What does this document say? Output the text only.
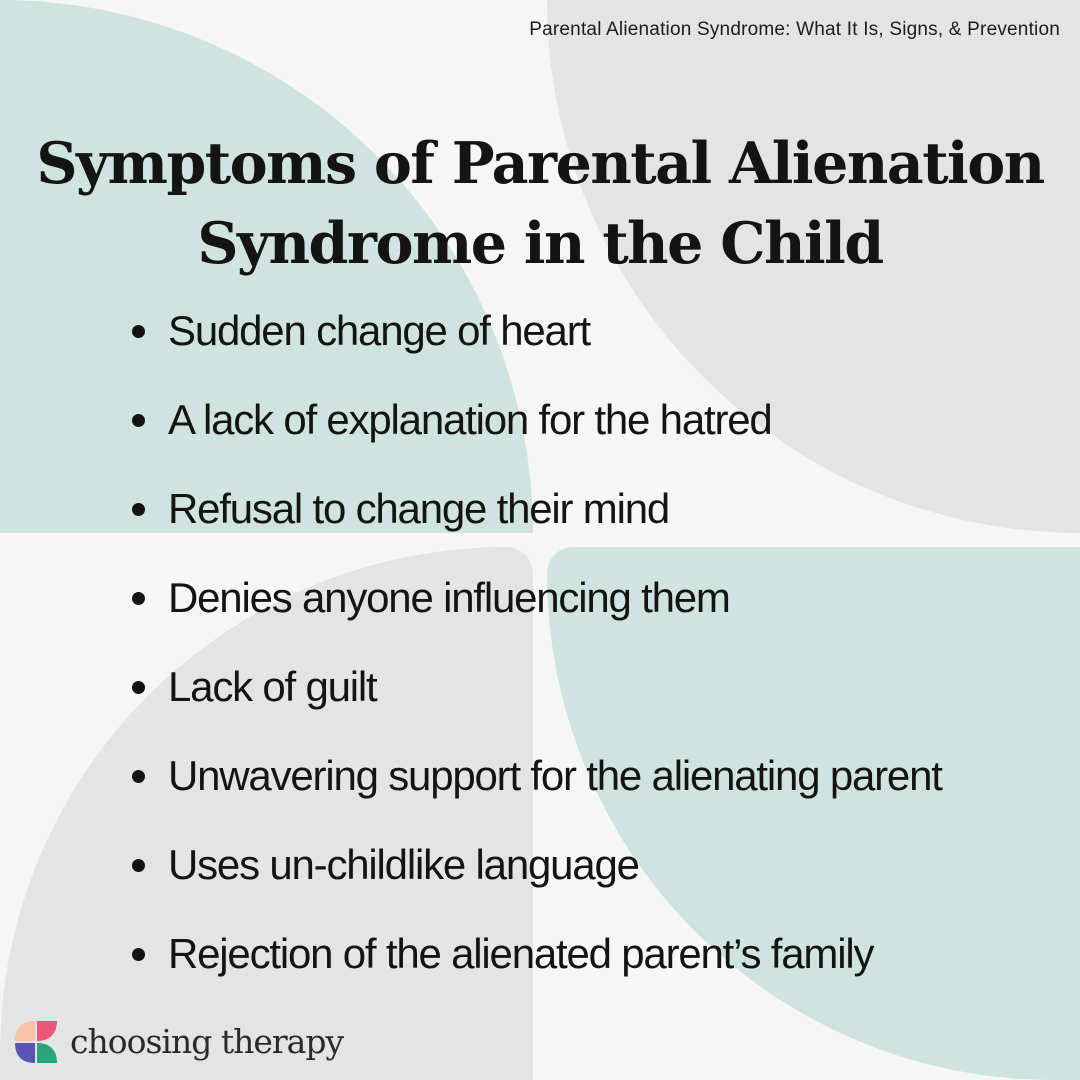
Parental Alienation Syndrome: What It Is, Signs, & Prevention
Symptoms of Parental Alienation
Syndrome in the Child
Sudden change of heart
A lack of explanation for the hatred
Refusal to change their mind
Denies anyone influencing them
Lack of guilt
Unwavering support for the alienating parent
Uses un-childlike language
Rejection of the alienated parent’s family
choosing therapy
